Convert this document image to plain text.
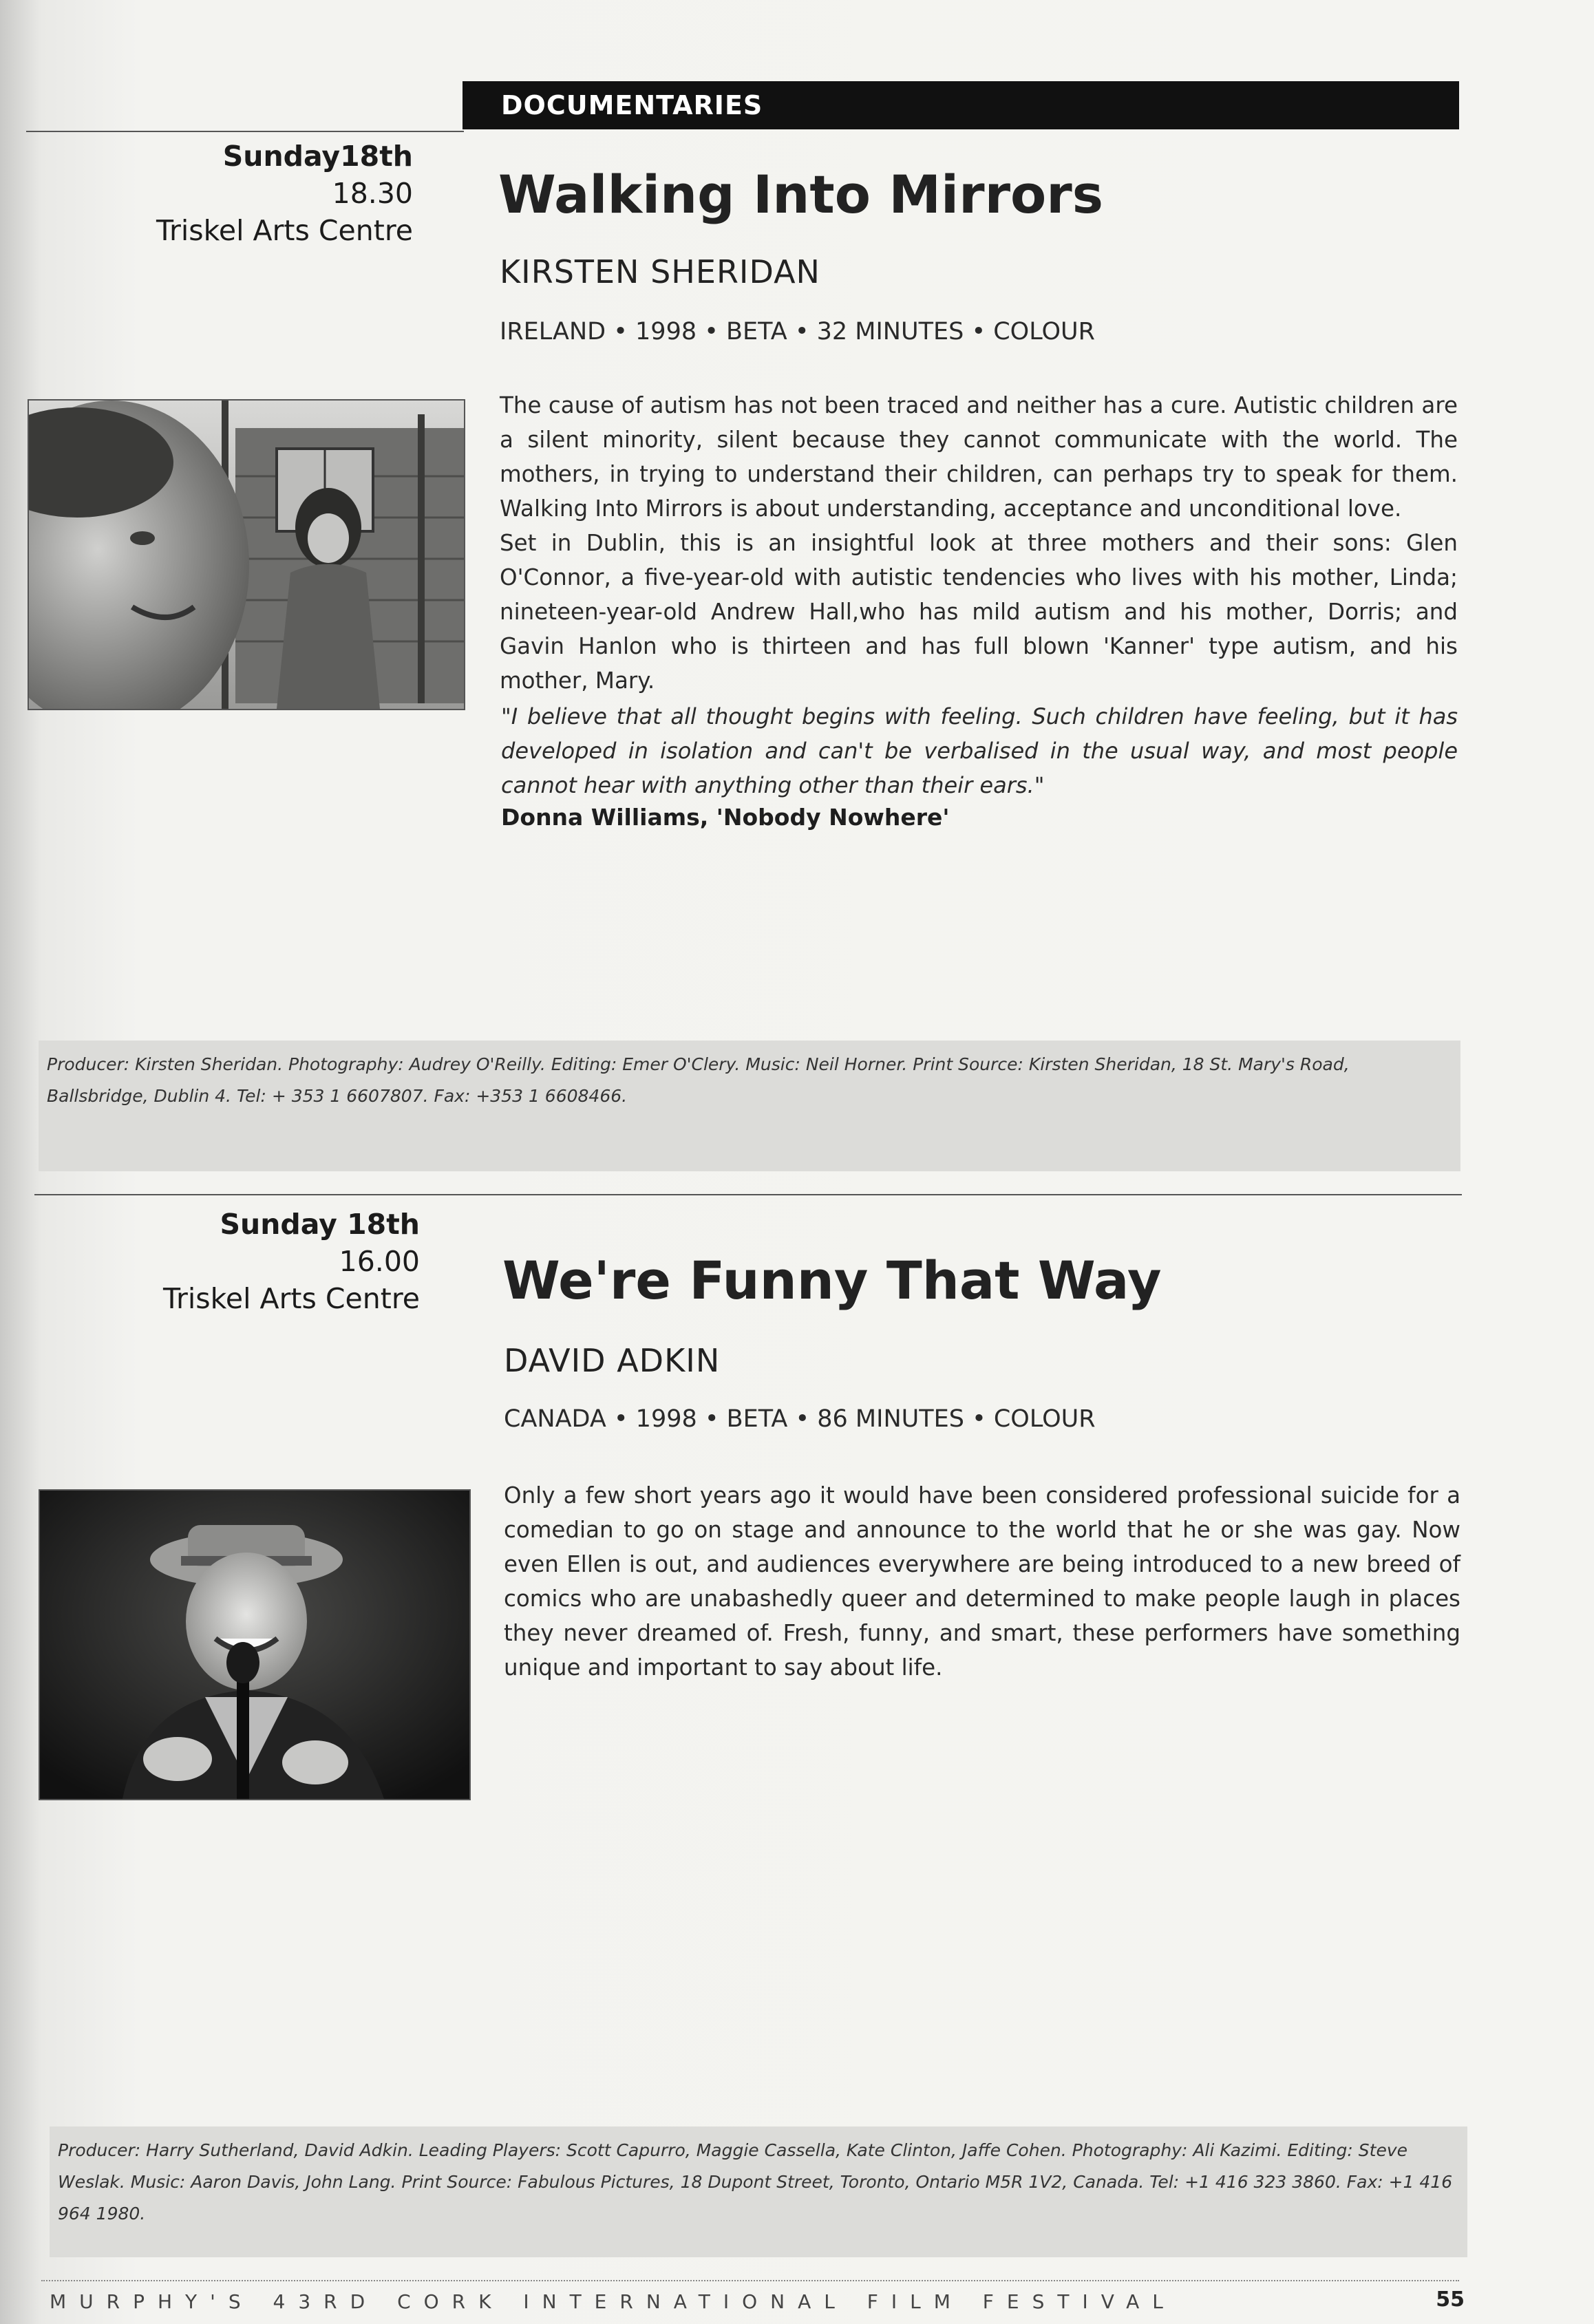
DOCUMENTARIES
Sunday18th
18.30
Triskel Arts Centre
Walking Into Mirrors
KIRSTEN SHERIDAN
IRELAND • 1998 • BETA • 32 MINUTES • COLOUR

The cause of autism has not been traced and neither has a cure. Autistic children are a silent minority, silent because they cannot communicate with the world. The mothers, in trying to understand their children, can perhaps try to speak for them. Walking Into Mirrors is about understanding, acceptance and unconditional love.

Set in Dublin, this is an insightful look at three mothers and their sons: Glen O'Connor, a five-year-old with autistic tendencies who lives with his mother, Linda; nineteen-year-old Andrew Hall,who has mild autism and his mother, Dorris; and Gavin Hanlon who is thirteen and has full blown 'Kanner' type autism, and his mother, Mary.

"I believe that all thought begins with feeling. Such children have feeling, but it has developed in isolation and can't be verbalised in the usual way, and most people cannot hear with anything other than their ears."
Donna Williams, 'Nobody Nowhere'
Producer: Kirsten Sheridan. Photography: Audrey O'Reilly. Editing: Emer O'Clery. Music: Neil Horner. Print Source: Kirsten Sheridan, 18 St. Mary's Road, Ballsbridge, Dublin 4. Tel: + 353 1 6607807. Fax: +353 1 6608466.
Sunday 18th
16.00
Triskel Arts Centre We're Funny That Way
DAVID ADKIN
CANADA • 1998 • BETA • 86 MINUTES • COLOUR

Only a few short years ago it would have been considered professional suicide for a comedian to go on stage and announce to the world that he or she was gay. Now even Ellen is out, and audiences everywhere are being introduced to a new breed of comics who are unabashedly queer and determined to make people laugh in places they never dreamed of. Fresh, funny, and smart, these performers have something unique and important to say about life.

Producer: Harry Sutherland, David Adkin. Leading Players: Scott Capurro, Maggie Cassella, Kate Clinton, Jaffe Cohen. Photography: Ali Kazimi. Editing: Steve Weslak. Music: Aaron Davis, John Lang. Print Source: Fabulous Pictures, 18 Dupont Street, Toronto, Ontario M5R 1V2, Canada. Tel: +1 416 323 3860. Fax: +1 416 964 1980.
MURPHY'S 43RD CORK INTERNATIONAL FILM FESTIVAL	55
